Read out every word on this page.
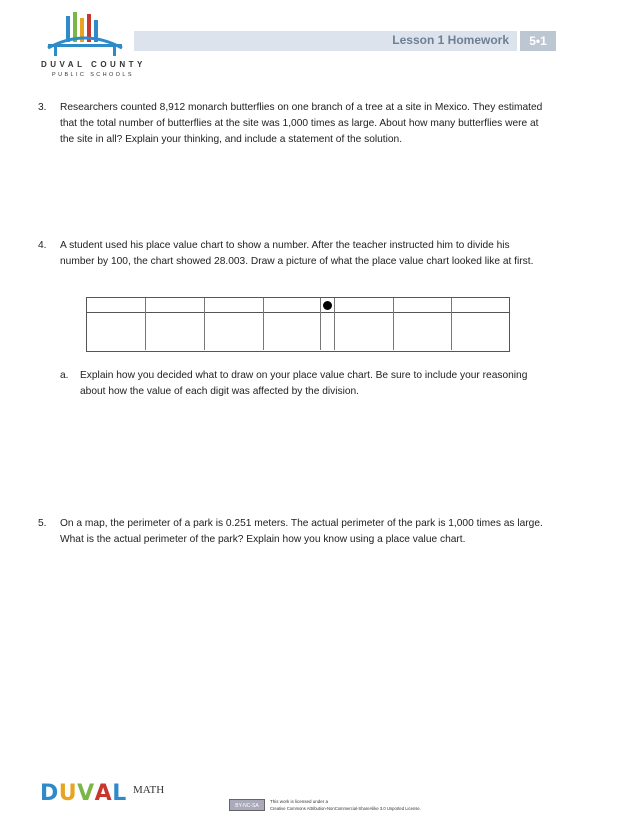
DUVAL COUNTY
PUBLIC SCHOOLS
Lesson 1 Homework	5•1
3. Researchers counted 8,912 monarch butterflies on one branch of a tree at a site in Mexico. They estimated that the total number of butterflies at the site was 1,000 times as large. About how many butterflies were at the site in all? Explain your thinking, and include a statement of the solution.
4. A student used his place value chart to show a number. After the teacher instructed him to divide his number by 100, the chart showed 28.003. Draw a picture of what the place value chart looked like at first.
a. Explain how you decided what to draw on your place value chart. Be sure to include your reasoning about how the value of each digit was affected by the division.
5. On a map, the perimeter of a park is 0.251 meters. The actual perimeter of the park is 1,000 times as large. What is the actual perimeter of the park? Explain how you know using a place value chart.
DUVAL MATH
BY-NC-SA
This work is licensed under a
Creative Commons Attribution-NonCommercial-ShareAlike 3.0 Unported License.
